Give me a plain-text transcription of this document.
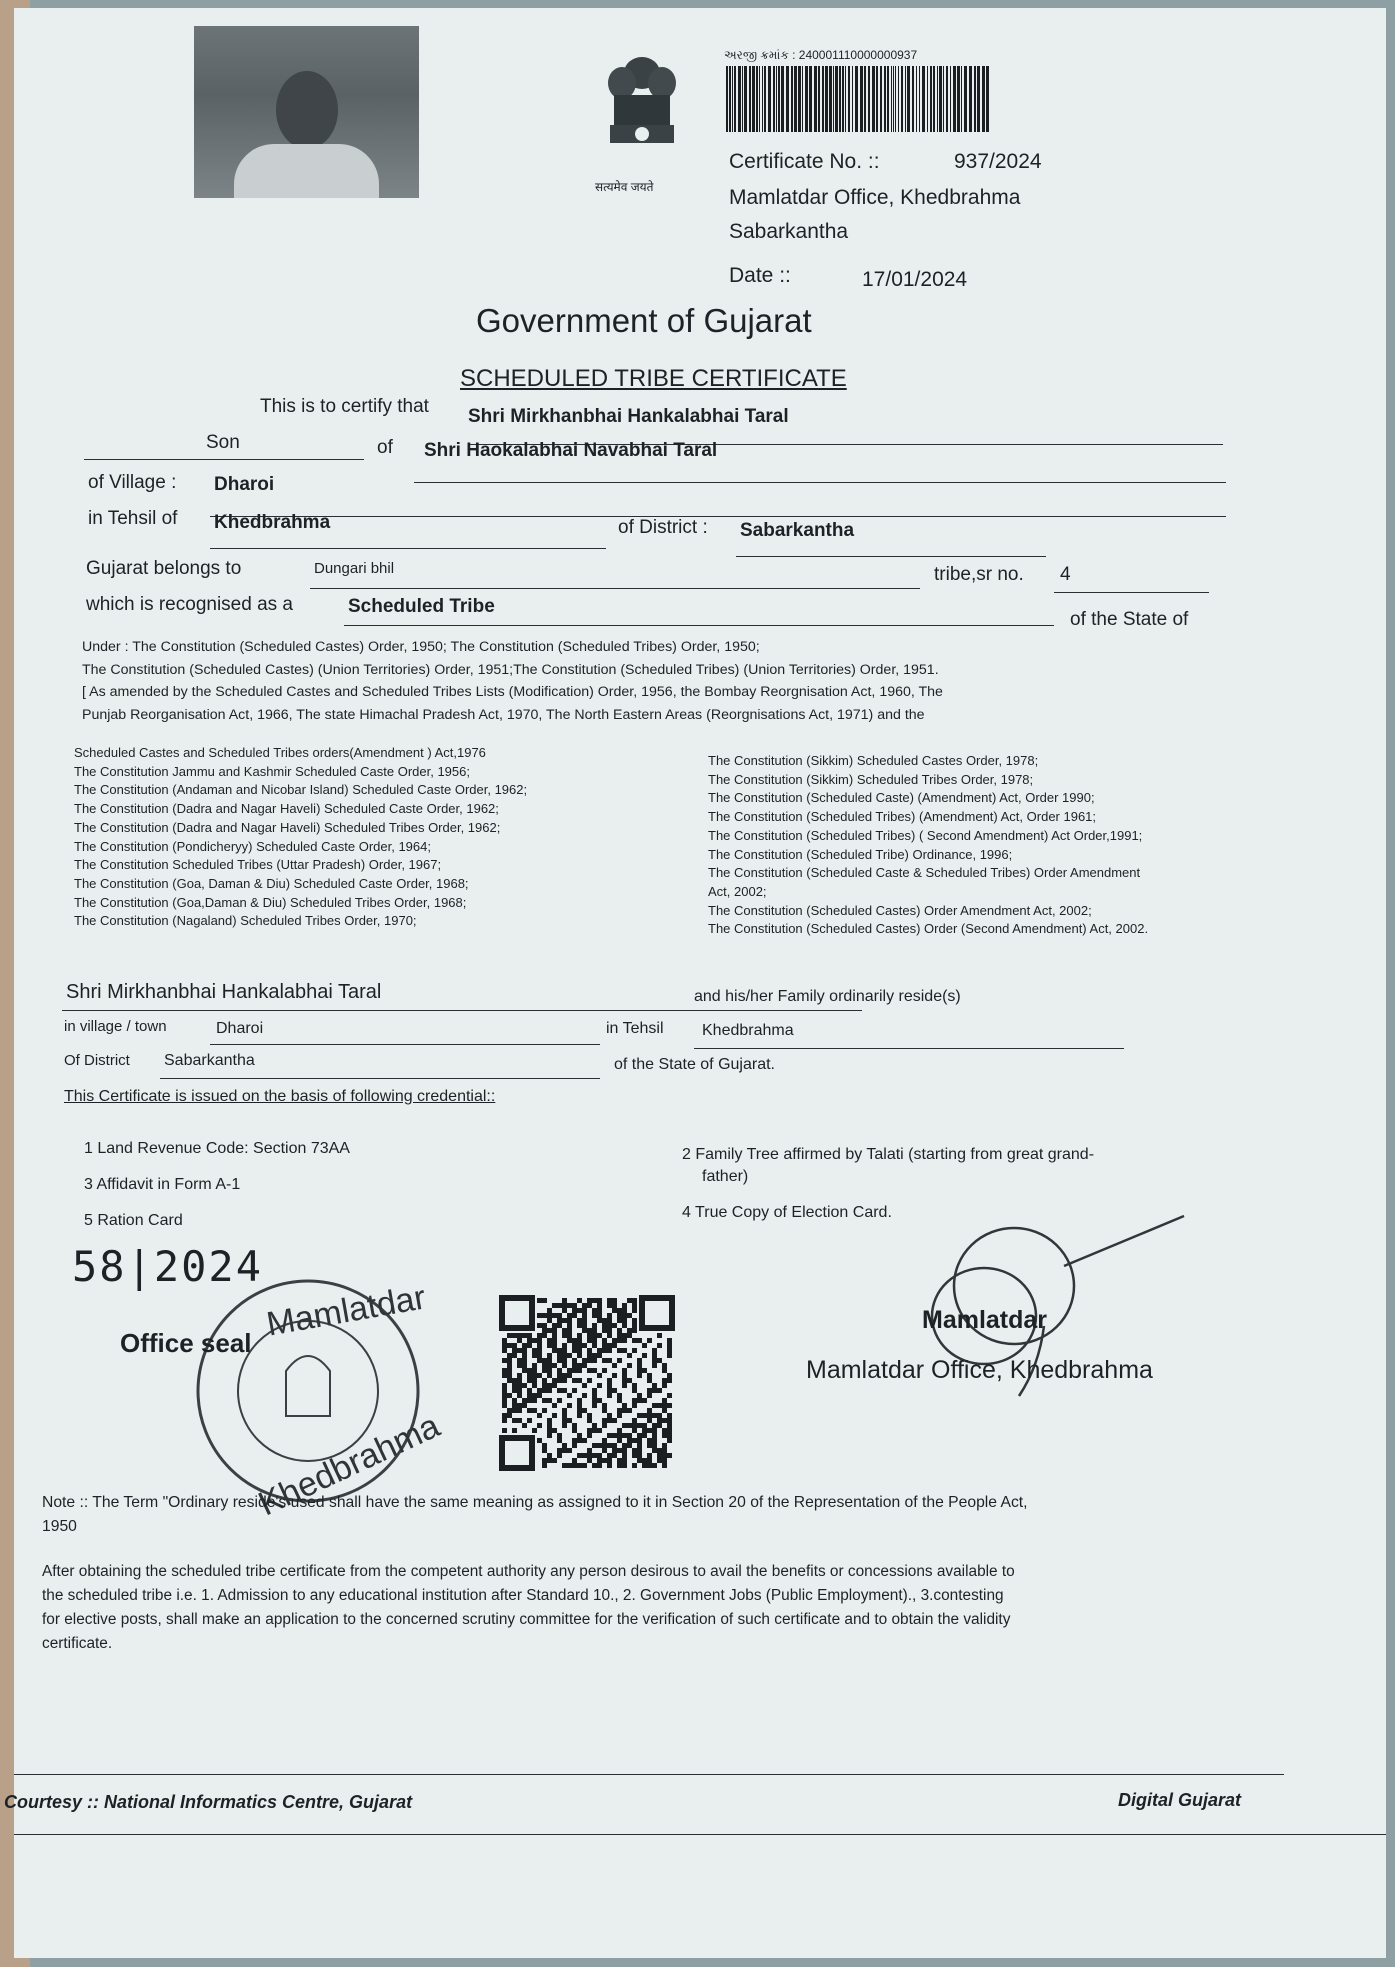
सत्यमेव जयते
અરજી ક્રમાંક : 240001110000000937
Certificate No. ::	937/2024
Mamlatdar Office, Khedbrahma
Sabarkantha
Date ::	17/01/2024
Government of Gujarat
SCHEDULED TRIBE CERTIFICATE
This is to certify that Shri Mirkhanbhai Hankalabhai Taral
Son	of Shri Haokalabhai Navabhai Taral
of Village : Dharoi
in Tehsil of Khedbrahma	of District : Sabarkantha
Gujarat belongs to	Dungari bhil	tribe,sr no. 4
which is recognised as a	Scheduled Tribe
of the State of
Under : The Constitution (Scheduled Castes) Order, 1950; The Constitution (Scheduled Tribes) Order, 1950;
The Constitution (Scheduled Castes) (Union Territories) Order, 1951;The Constitution (Scheduled Tribes) (Union Territories) Order, 1951.
[ As amended by the Scheduled Castes and Scheduled Tribes Lists (Modification) Order, 1956, the Bombay Reorgnisation Act, 1960, The
Punjab Reorganisation Act, 1966, The state Himachal Pradesh Act, 1970, The North Eastern Areas (Reorgnisations Act, 1971) and the
Scheduled Castes and Scheduled Tribes orders(Amendment ) Act,1976
The Constitution Jammu and Kashmir Scheduled Caste Order, 1956;
The Constitution (Andaman and Nicobar Island) Scheduled Caste Order, 1962;
The Constitution (Dadra and Nagar Haveli) Scheduled Caste Order, 1962;
The Constitution (Dadra and Nagar Haveli) Scheduled Tribes Order, 1962;
The Constitution (Pondicheryy) Scheduled Caste Order, 1964;
The Constitution Scheduled Tribes (Uttar Pradesh) Order, 1967;
The Constitution (Goa, Daman & Diu) Scheduled Caste Order, 1968;
The Constitution (Goa,Daman & Diu) Scheduled Tribes Order, 1968;
The Constitution (Nagaland) Scheduled Tribes Order, 1970;
The Constitution (Sikkim) Scheduled Castes Order, 1978;
The Constitution (Sikkim) Scheduled Tribes Order, 1978;
The Constitution (Scheduled Caste) (Amendment) Act, Order 1990;
The Constitution (Scheduled Tribes) (Amendment) Act, Order 1961;
The Constitution (Scheduled Tribes) ( Second Amendment) Act Order,1991;
The Constitution (Scheduled Tribe) Ordinance, 1996;
The Constitution (Scheduled Caste & Scheduled Tribes) Order Amendment
Act, 2002;
The Constitution (Scheduled Castes) Order Amendment Act, 2002;
The Constitution (Scheduled Castes) Order (Second Amendment) Act, 2002.
Shri Mirkhanbhai Hankalabhai Taral	and his/her Family ordinarily reside(s)
in village / town	Dharoi	in Tehsil Khedbrahma
Of District Sabarkantha	of the State of Gujarat.
This Certificate is issued on the basis of following credential::
1 Land Revenue Code: Section 73AA	2 Family Tree affirmed by Talati (starting from great grand-
father)
3 Affidavit in Form A-1
4 True Copy of Election Card.
5 Ration Card
58|2024
Mamlatdar
Khedbrahma
Office seal
Mamlatdar
Mamlatdar Office, Khedbrahma
Note :: The Term "Ordinary reside's used shall have the same meaning as assigned to it in Section 20 of the Representation of the People Act,
1950
After obtaining the scheduled tribe certificate from the competent authority any person desirous to avail the benefits or concessions available to
the scheduled tribe i.e. 1. Admission to any educational institution after Standard 10., 2. Government Jobs (Public Employment)., 3.contesting
for elective posts, shall make an application to the concerned scrutiny committee for the verification of such certificate and to obtain the validity
certificate.
Courtesy :: National Informatics Centre, Gujarat	Digital Gujarat
